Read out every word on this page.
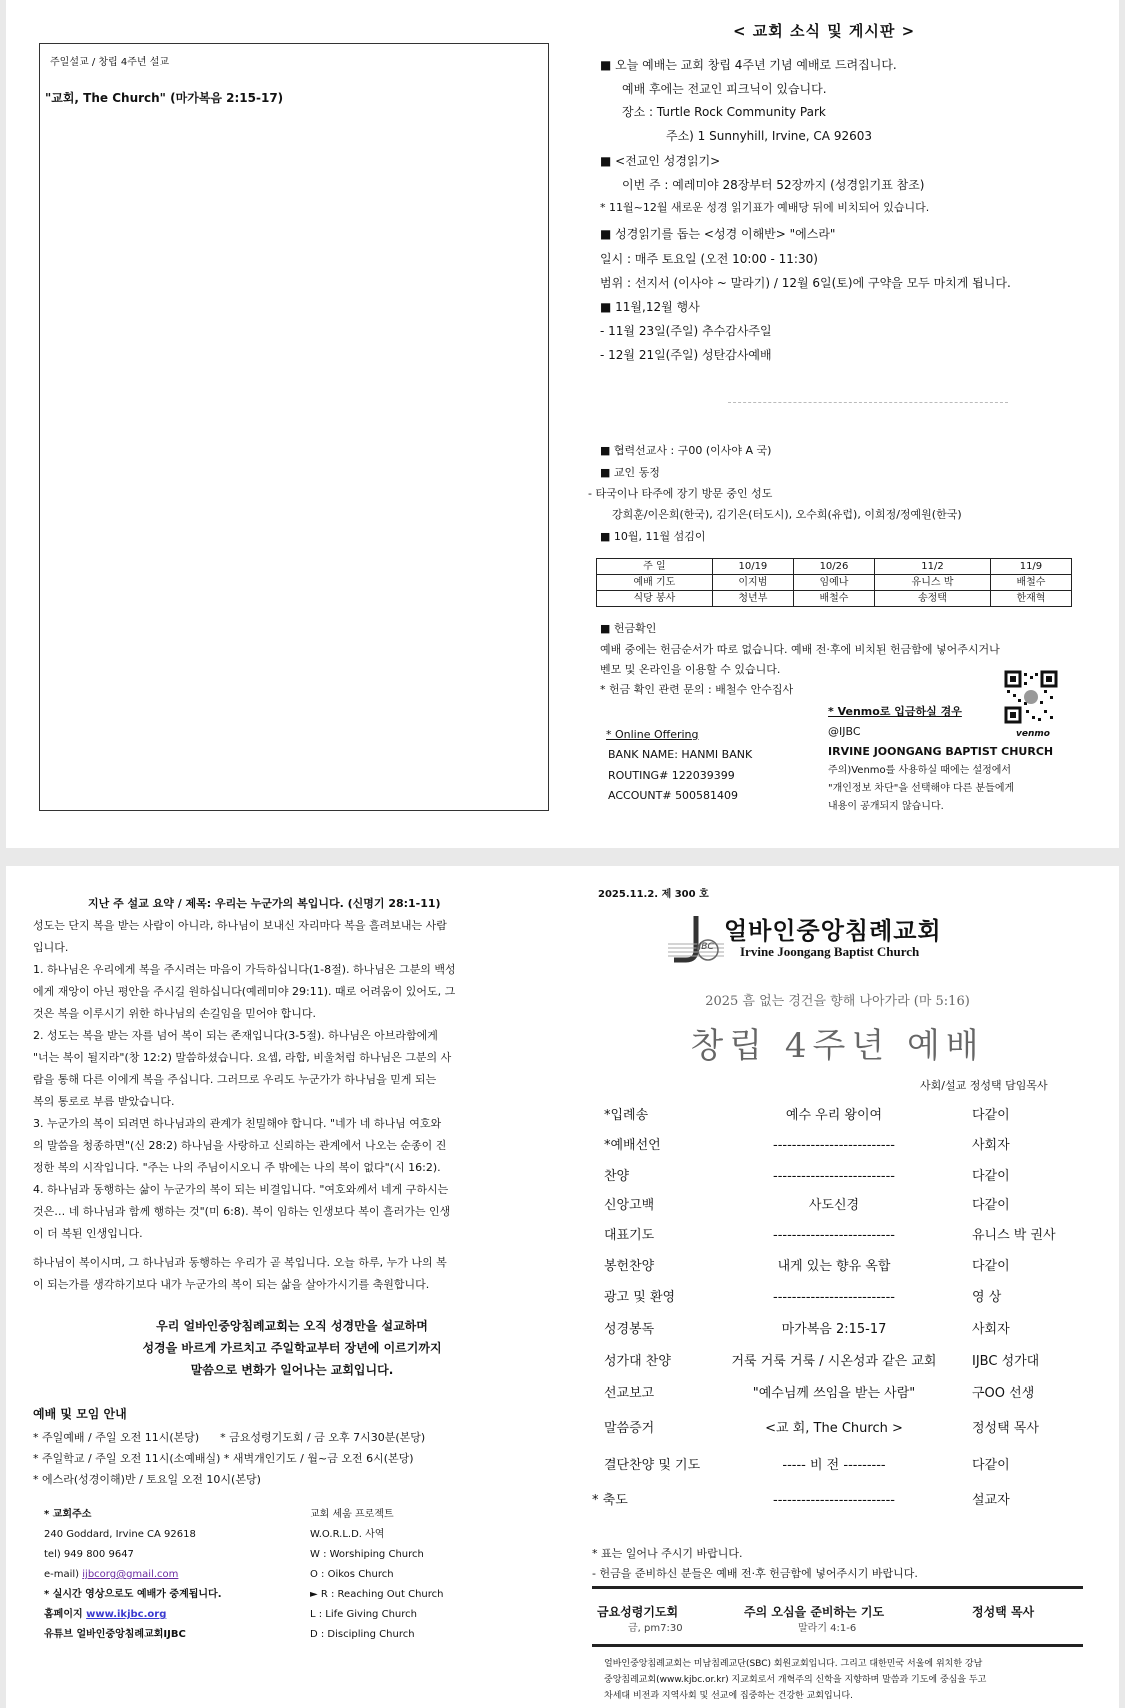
주일설교 / 창립 4주년 설교
"교회, The Church" (마가복음 2:15-17)
< 교회 소식 및 게시판 >
■ 오늘 예배는 교회 창립 4주년 기념 예배로 드려집니다.
예배 후에는 전교인 피크닉이 있습니다.
장소 : Turtle Rock Community Park
주소) 1 Sunnyhill, Irvine, CA 92603
■ <전교인 성경읽기>
이번 주 : 예레미야 28장부터 52장까지 (성경읽기표 참조)
* 11월~12월 새로운 성경 읽기표가 예배당 뒤에 비치되어 있습니다.
■ 성경읽기를 돕는 <성경 이해반> "에스라"
일시 : 매주 토요일 (오전 10:00 - 11:30)
범위 : 선지서 (이사야 ~ 말라기) / 12월 6일(토)에 구약을 모두 마치게 됩니다.
■ 11월,12월 행사
- 11월 23일(주일) 추수감사주일
- 12월 21일(주일) 성탄감사예배
■ 협력선교사 : 구00 (이사야 A 국)
■ 교인 동정
- 타국이나 타주에 장기 방문 중인 성도
강희훈/이은희(한국), 김기은(터도시), 오수희(유럽), 이희정/정예원(한국)
■ 10월, 11월 섬김이
주 일	10/19	10/26	11/2	11/9
예배 기도	이지범	임예나	유니스 박	배철수
식당 봉사	청년부	배철수	송정택	한재혁
■ 헌금확인
예배 중에는 헌금순서가 따로 없습니다. 예배 전·후에 비치된 헌금함에 넣어주시거나
벤모 및 온라인을 이용할 수 있습니다.
* 헌금 확인 관련 문의 : 배철수 안수집사
* Online Offering
BANK NAME: HANMI BANK
ROUTING# 122039399
ACCOUNT# 500581409
* Venmo로 입금하실 경우
@IJBC
IRVINE JOONGANG BAPTIST CHURCH
주의)Venmo를 사용하실 때에는 설정에서
"개인정보 차단"을 선택해야 다른 분들에게
내용이 공개되지 않습니다.
venmo
지난 주 설교 요약 / 제목: 우리는 누군가의 복입니다. (신명기 28:1-11)
성도는 단지 복을 받는 사람이 아니라, 하나님이 보내신 자리마다 복을 흘려보내는 사람
입니다.
1. 하나님은 우리에게 복을 주시려는 마음이 가득하십니다(1-8절). 하나님은 그분의 백성
에게 재앙이 아닌 평안을 주시길 원하십니다(예레미야 29:11). 때로 어려움이 있어도, 그
것은 복을 이루시기 위한 하나님의 손길임을 믿어야 합니다.
2. 성도는 복을 받는 자를 넘어 복이 되는 존재입니다(3-5절). 하나님은 아브라함에게
"너는 복이 될지라"(창 12:2) 말씀하셨습니다. 요셉, 라합, 비울처럼 하나님은 그분의 사
람을 통해 다른 이에게 복을 주십니다. 그러므로 우리도 누군가가 하나님을 믿게 되는
복의 통로로 부름 받았습니다.
3. 누군가의 복이 되려면 하나님과의 관계가 친밀해야 합니다. "네가 네 하나님 여호와
의 말씀을 청종하면"(신 28:2) 하나님을 사랑하고 신뢰하는 관계에서 나오는 순종이 진
정한 복의 시작입니다. "주는 나의 주님이시오니 주 밖에는 나의 복이 없다"(시 16:2).
4. 하나님과 동행하는 삶이 누군가의 복이 되는 비결입니다. "여호와께서 네게 구하시는
것은… 네 하나님과 함께 행하는 것"(미 6:8). 복이 임하는 인생보다 복이 흘러가는 인생
이 더 복된 인생입니다.
하나님이 복이시며, 그 하나님과 동행하는 우리가 곧 복입니다. 오늘 하루, 누가 나의 복
이 되는가를 생각하기보다 내가 누군가의 복이 되는 삶을 살아가시기를 축원합니다.
우리 얼바인중앙침례교회는 오직 성경만을 설교하며
성경을 바르게 가르치고 주일학교부터 장년에 이르기까지
말씀으로 변화가 일어나는 교회입니다.
예배 및 모임 안내
* 주일예배 / 주일 오전 11시(본당)      * 금요성령기도회 / 금 오후 7시30분(본당)
* 주일학교 / 주일 오전 11시(소예배실) * 새벽개인기도 / 월~금 오전 6시(본당)
* 에스라(성경이해)반 / 토요일 오전 10시(본당)
* 교회주소
240 Goddard, Irvine CA 92618
tel) 949 800 9647
e-mail) ijbcorg@gmail.com
* 실시간 영상으로도 예배가 중계됩니다.
홈페이지 www.ikjbc.org
유튜브 얼바인중앙침례교회IJBC
교회 세움 프로젝트
W.O.R.L.D. 사역
W : Worshiping Church
O : Oikos Church
► R : Reaching Out Church
L : Life Giving Church
D : Discipling Church
2025.11.2. 제 300 호
IJBC
얼바인중앙침례교회
Irvine Joongang Baptist Church
2025 흠 없는 경건을 향해 나아가라 (마 5:16)
창립 4주년 예배
사회/설교 정성택 담임목사
*입례송	예수 우리 왕이여	다같이
*예배선언	--------------------------	사회자
찬양	--------------------------	다같이
신앙고백	사도신경	다같이
대표기도	--------------------------	유니스 박 권사
봉헌찬양	내게 있는 향유 옥합	다같이
광고 및 환영	--------------------------	영 상
성경봉독	마가복음 2:15-17	사회자
성가대 찬양	거룩 거룩 거룩 / 시온성과 같은 교회	IJBC 성가대
선교보고	"예수님께 쓰임을 받는 사람"	구OO 선생
말씀증거	<교 회, The Church >	정성택 목사
결단찬양 및 기도	----- 비 전 ---------	다같이
* 축도	--------------------------	설교자
* 표는 일어나 주시기 바랍니다.
- 헌금을 준비하신 분들은 예배 전·후 헌금함에 넣어주시기 바랍니다.
금요성령기도회
금, pm7:30
주의 오심을 준비하는 기도
말라기 4:1-6
정성택 목사
얼바인중앙침례교회는 미남침례교단(SBC) 회원교회입니다. 그리고 대한민국 서울에 위치한 강남
중앙침례교회(www.kjbc.or.kr) 지교회로서 개혁주의 신학을 지향하며 말씀과 기도에 중심을 두고
차세대 비전과 지역사회 및 선교에 집중하는 건강한 교회입니다.
